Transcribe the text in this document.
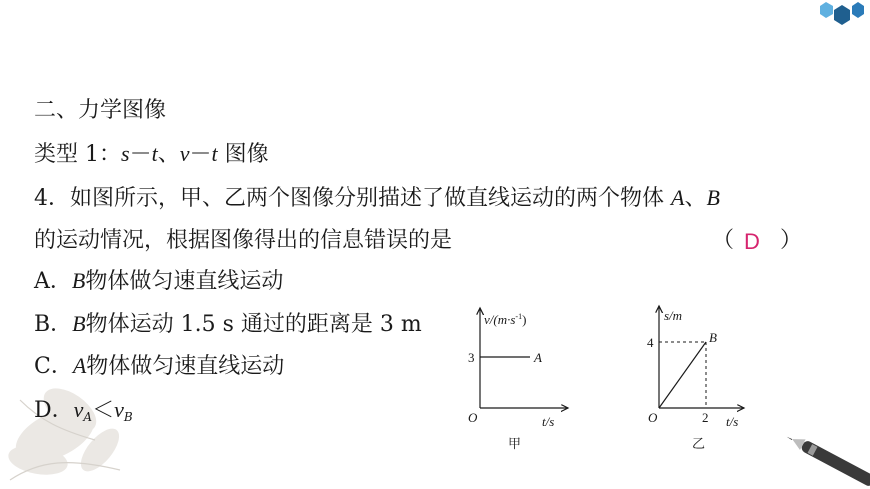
二、力学图像
类型 1：s－t、v－t 图像
4．如图所示，甲、乙两个图像分别描述了做直线运动的两个物体 A、B
的运动情况，根据图像得出的信息错误的是	（ D ）
A．B物体做匀速直线运动
B．B物体运动 1.5 s 通过的距离是 3 m
C．A物体做匀速直线运动
D．$v_A<v_B$
$v/(m\cdot s^{-1})$
3	A
O	t/s
甲
s/m
4	B
O	2 t/s
乙
